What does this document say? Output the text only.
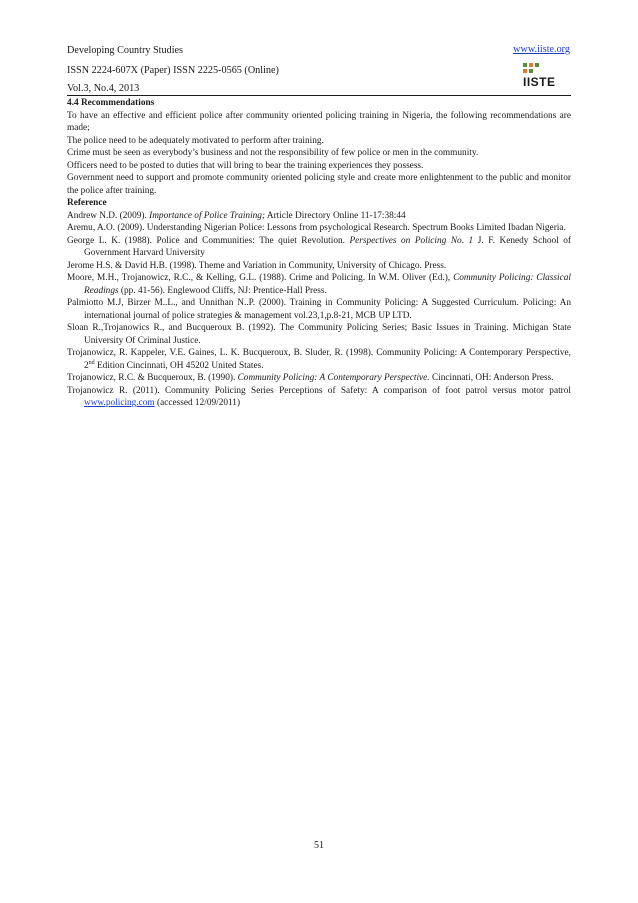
Developing Country Studies	www.iiste.org
ISSN 2224-607X (Paper) ISSN 2225-0565 (Online)
IISTE
Vol.3, No.4, 2013

4.4 Recommendations

To have an effective and efficient police after community oriented policing training in Nigeria, the following recommendations are made;

The police need to be adequately motivated to perform after training.

Crime must be seen as everybody’s business and not the responsibility of few police or men in the community.

Officers need to be posted to duties that will bring to bear the training experiences they possess.

Government need to support and promote community oriented policing style and create more enlightenment to the public and monitor the police after training.

Reference

Andrew N.D. (2009). Importance of Police Training; Article Directory Online 11-17:38:44

Aremu, A.O. (2009). Understanding Nigerian Police: Lessons from psychological Research. Spectrum Books Limited Ibadan Nigeria.

George L. K. (1988). Police and Communities: The quiet Revolution. Perspectives on Policing No. 1 J. F. Kenedy School of Government Harvard University

Jerome H.S. & David H.B. (1998). Theme and Variation in Community, University of Chicago. Press.

Moore, M.H., Trojanowicz, R.C., & Kelling, G.L. (1988). Crime and Policing. In W.M. Oliver (Ed.), Community Policing: Classical Readings (pp. 41-56). Englewood Cliffs, NJ: Prentice-Hall Press.

Palmiotto M.J, Birzer M..L., and Unnithan N..P. (2000). Training in Community Policing: A Suggested Curriculum. Policing: An international journal of police strategies & management vol.23,1,p.8-21, MCB UP LTD.

Sloan R.,Trojanowics R., and Bucqueroux B. (1992). The Community Policing Series; Basic Issues in Training. Michigan State University Of Criminal Justice.

Trojanowicz, R. Kappeler, V.E. Gaines, L. K. Bucqueroux, B. Sluder, R. (1998). Community Policing: A Contemporary Perspective, 2nd Edition Cincinnati, OH 45202 United States.

Trojanowicz, R.C. & Bucqueroux, B. (1990). Community Policing: A Contemporary Perspective. Cincinnati, OH: Anderson Press.

Trojanowicz R. (2011). Community Policing Series Perceptions of Safety: A comparison of foot patrol versus motor patrol www.policing.com (accessed 12/09/2011)

51
